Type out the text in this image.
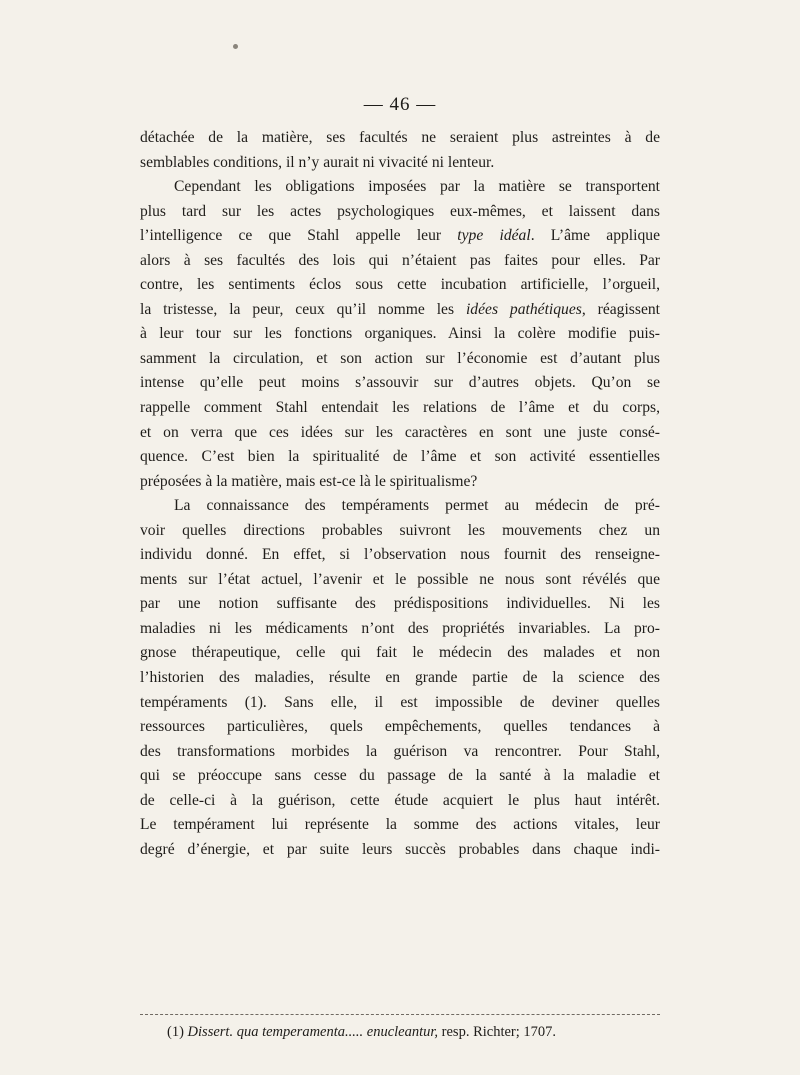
— 46 —
détachée de la matière, ses facultés ne seraient plus astreintes à de
semblables conditions, il n’y aurait ni vivacité ni lenteur.
Cependant les obligations imposées par la matière se transportent
plus tard sur les actes psychologiques eux-mêmes, et laissent dans
l’intelligence ce que Stahl appelle leur type idéal. L’âme applique
alors à ses facultés des lois qui n’étaient pas faites pour elles. Par
contre, les sentiments éclos sous cette incubation artificielle, l’orgueil,
la tristesse, la peur, ceux qu’il nomme les idées pathétiques, réagissent
à leur tour sur les fonctions organiques. Ainsi la colère modifie puis-
samment la circulation, et son action sur l’économie est d’autant plus
intense qu’elle peut moins s’assouvir sur d’autres objets. Qu’on se
rappelle comment Stahl entendait les relations de l’âme et du corps,
et on verra que ces idées sur les caractères en sont une juste consé-
quence. C’est bien la spiritualité de l’âme et son activité essentielles
préposées à la matière, mais est-ce là le spiritualisme?
La connaissance des tempéraments permet au médecin de pré-
voir quelles directions probables suivront les mouvements chez un
individu donné. En effet, si l’observation nous fournit des renseigne-
ments sur l’état actuel, l’avenir et le possible ne nous sont révélés que
par une notion suffisante des prédispositions individuelles. Ni les
maladies ni les médicaments n’ont des propriétés invariables. La pro-
gnose thérapeutique, celle qui fait le médecin des malades et non
l’historien des maladies, résulte en grande partie de la science des
tempéraments (1). Sans elle, il est impossible de deviner quelles
ressources particulières, quels empêchements, quelles tendances à
des transformations morbides la guérison va rencontrer. Pour Stahl,
qui se préoccupe sans cesse du passage de la santé à la maladie et
de celle-ci à la guérison, cette étude acquiert le plus haut intérêt.
Le tempérament lui représente la somme des actions vitales, leur
degré d’énergie, et par suite leurs succès probables dans chaque indi-
(1) Dissert. qua temperamenta..... enucleantur, resp. Richter; 1707.
